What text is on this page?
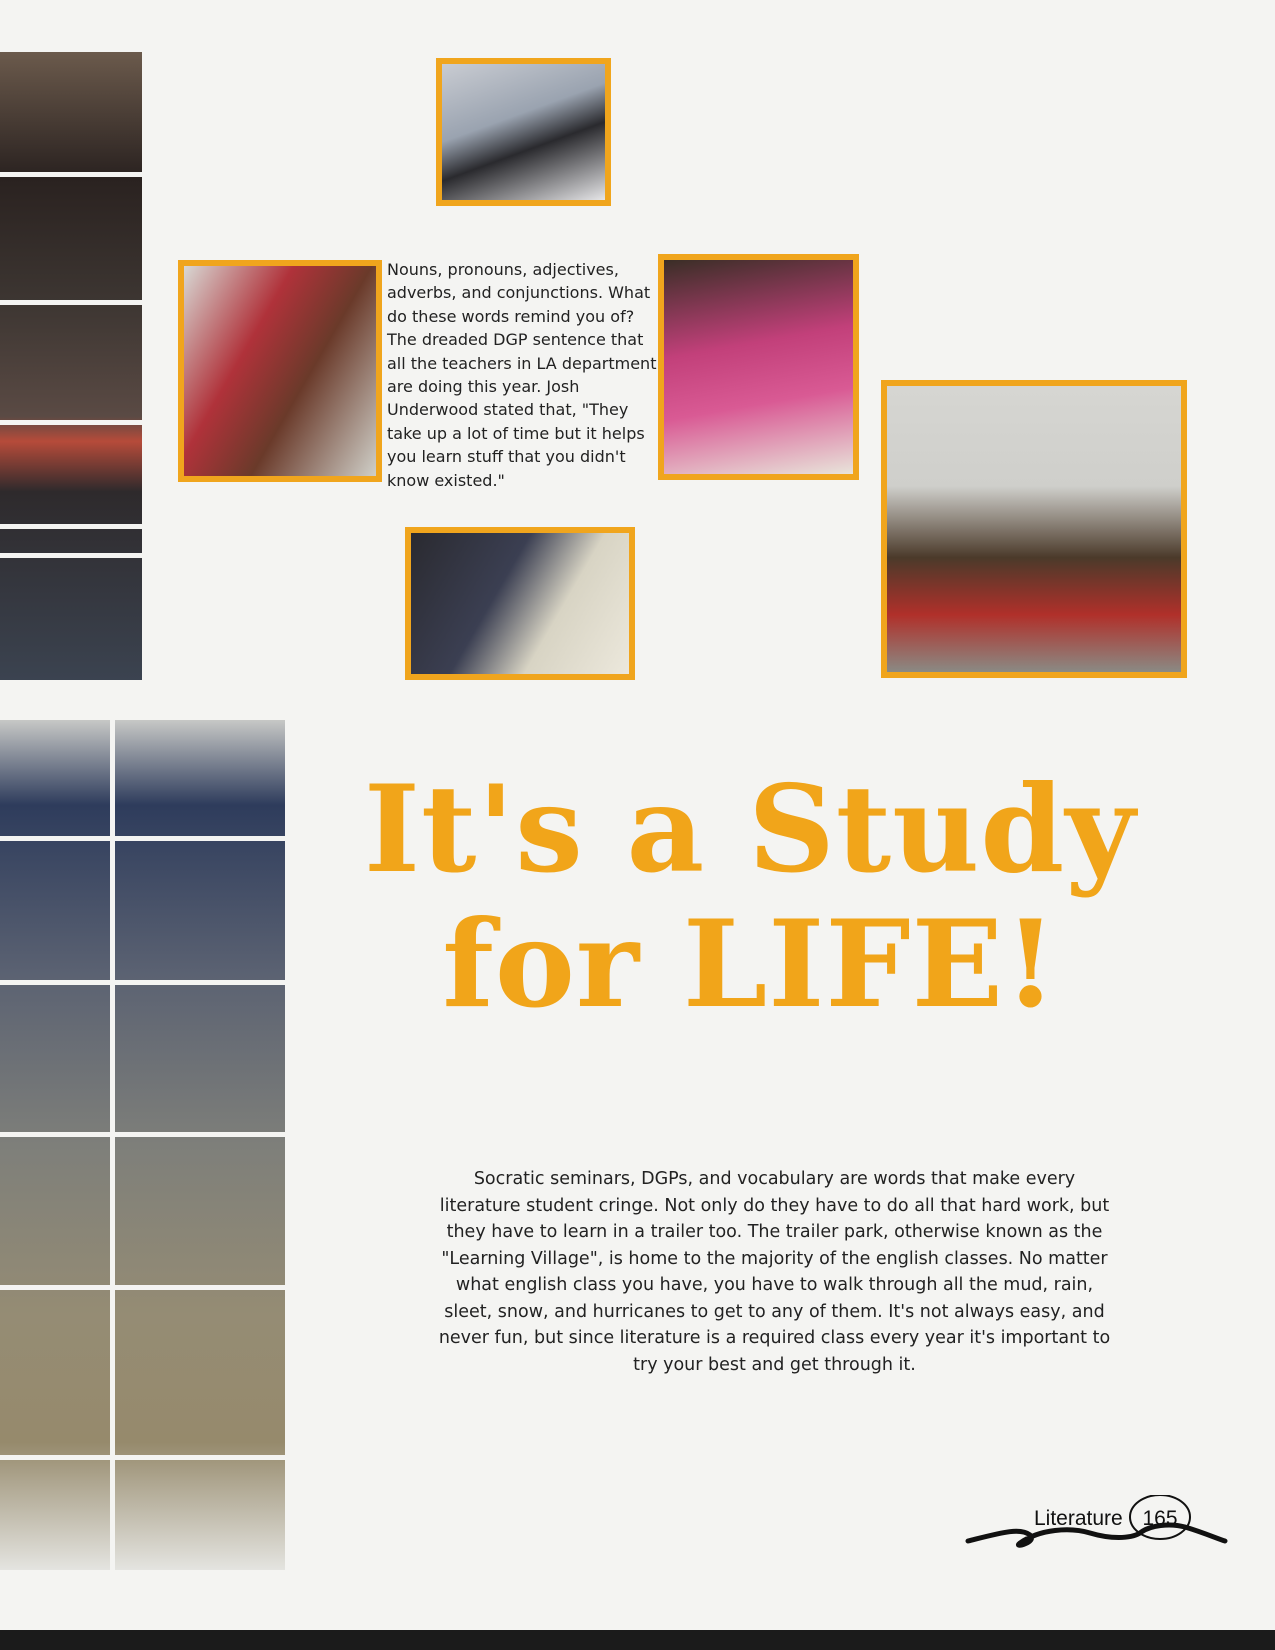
Nouns, pronouns, adjectives, adverbs, and conjunctions. What do these words remind you of? The dreaded DGP sentence that all the teachers in LA department are doing this year. Josh Underwood stated that, "They take up a lot of time but it helps you learn stuff that you didn't know existed."
It's a Study
for LIFE!
Socratic seminars, DGPs, and vocabulary are words that make every literature student cringe. Not only do they have to do all that hard work, but they have to learn in a trailer too. The trailer park, otherwise known as the "Learning Village", is home to the majority of the english classes. No matter what english class you have, you have to walk through all the mud, rain, sleet, snow, and hurricanes to get to any of them. It's not always easy, and never fun, but since literature is a required class every year it's important to try your best and get through it.
Literature 165
